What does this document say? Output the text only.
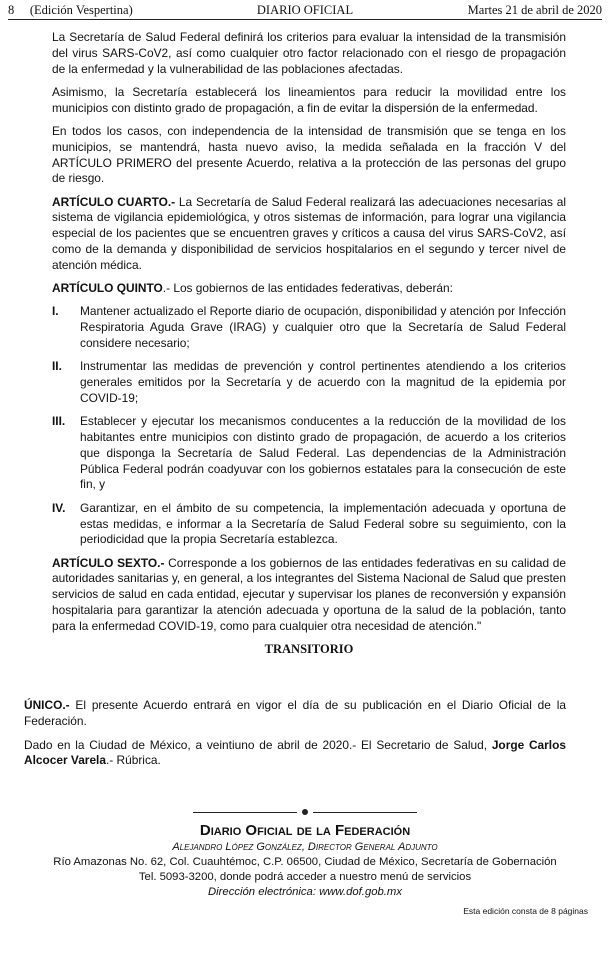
8     (Edición Vespertina)	DIARIO OFICIAL	Martes 21 de abril de 2020

La Secretaría de Salud Federal definirá los criterios para evaluar la intensidad de la transmisión del virus SARS-CoV2, así como cualquier otro factor relacionado con el riesgo de propagación de la enfermedad y la vulnerabilidad de las poblaciones afectadas.

Asimismo, la Secretaría establecerá los lineamientos para reducir la movilidad entre los municipios con distinto grado de propagación, a fin de evitar la dispersión de la enfermedad.

En todos los casos, con independencia de la intensidad de transmisión que se tenga en los municipios, se mantendrá, hasta nuevo aviso, la medida señalada en la fracción V del ARTÍCULO PRIMERO del presente Acuerdo, relativa a la protección de las personas del grupo de riesgo.

ARTÍCULO CUARTO.- La Secretaría de Salud Federal realizará las adecuaciones necesarias al sistema de vigilancia epidemiológica, y otros sistemas de información, para lograr una vigilancia especial de los pacientes que se encuentren graves y críticos a causa del virus SARS-CoV2, así como de la demanda y disponibilidad de servicios hospitalarios en el segundo y tercer nivel de atención médica.

ARTÍCULO QUINTO.- Los gobiernos de las entidades federativas, deberán:

I.	Mantener actualizado el Reporte diario de ocupación, disponibilidad y atención por Infección Respiratoria Aguda Grave (IRAG) y cualquier otro que la Secretaría de Salud Federal considere necesario;
II.	Instrumentar las medidas de prevención y control pertinentes atendiendo a los criterios generales emitidos por la Secretaría y de acuerdo con la magnitud de la epidemia por COVID-19;
III.	Establecer y ejecutar los mecanismos conducentes a la reducción de la movilidad de los habitantes entre municipios con distinto grado de propagación, de acuerdo a los criterios que disponga la Secretaría de Salud Federal. Las dependencias de la Administración Pública Federal podrán coadyuvar con los gobiernos estatales para la consecución de este fin, y
IV.	Garantizar, en el ámbito de su competencia, la implementación adecuada y oportuna de estas medidas, e informar a la Secretaría de Salud Federal sobre su seguimiento, con la periodicidad que la propia Secretaría establezca.

ARTÍCULO SEXTO.- Corresponde a los gobiernos de las entidades federativas en su calidad de autoridades sanitarias y, en general, a los integrantes del Sistema Nacional de Salud que presten servicios de salud en cada entidad, ejecutar y supervisar los planes de reconversión y expansión hospitalaria para garantizar la atención adecuada y oportuna de la salud de la población, tanto para la enfermedad COVID-19, como para cualquier otra necesidad de atención."

TRANSITORIO

ÚNICO.- El presente Acuerdo entrará en vigor el día de su publicación en el Diario Oficial de la Federación.

Dado en la Ciudad de México, a veintiuno de abril de 2020.- El Secretario de Salud, Jorge Carlos Alcocer Varela.- Rúbrica.

Diario Oficial de la Federación
Alejandro López González, Director General Adjunto
Río Amazonas No. 62, Col. Cuauhtémoc, C.P. 06500, Ciudad de México, Secretaría de Gobernación
Tel. 5093-3200, donde podrá acceder a nuestro menú de servicios
Dirección electrónica: www.dof.gob.mx
Esta edición consta de 8 páginas
